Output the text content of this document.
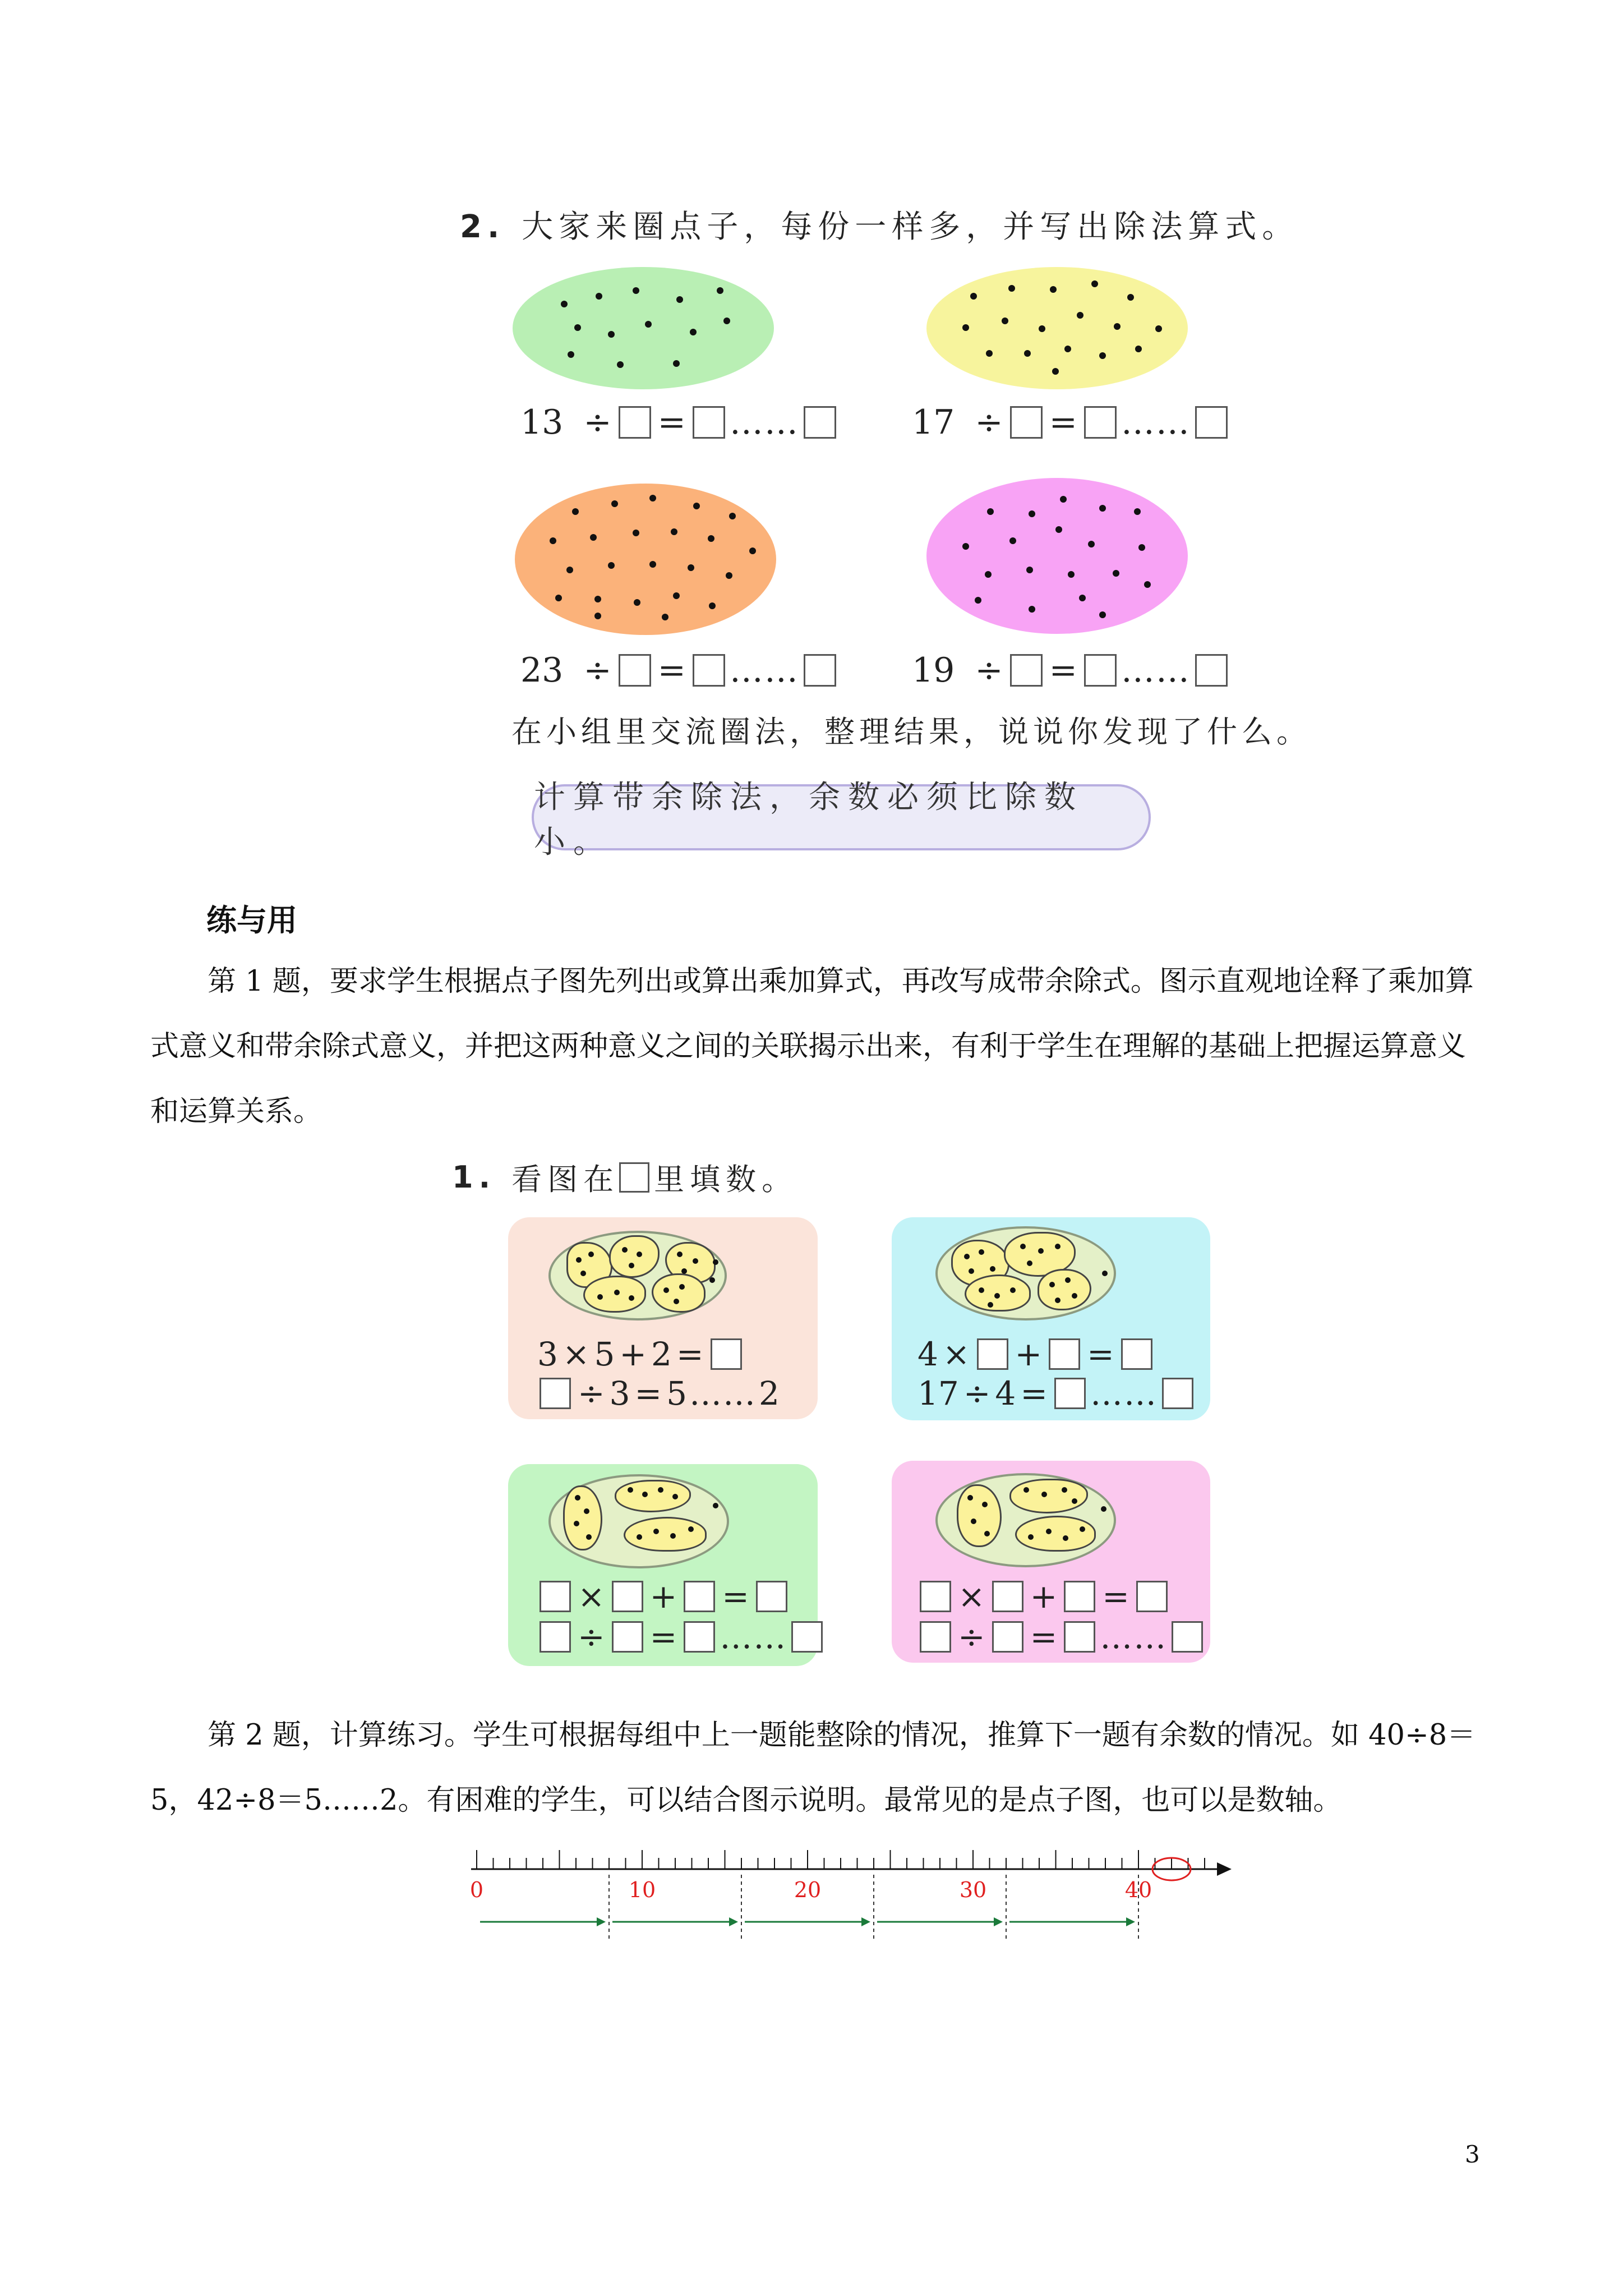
2. 大家来圈点子，每份一样多，并写出除法算式。
13 ÷ = ……	17 ÷ = ……
23 ÷ = ……	19 ÷ = ……
在小组里交流圈法，整理结果，说说你发现了什么。
计算带余除法，余数必须比除数小。
练与用
第 1 题，要求学生根据点子图先列出或算出乘加算式，再改写成带余除式。图示直观地诠释了乘加算式意义和带余除式意义，并把这两种意义之间的关联揭示出来，有利于学生在理解的基础上把握运算意义和运算关系。
1. 看图在 里填数。
3 × 5 + 2 =
÷ 3 = 5 …… 2
4 × + =
17 ÷ 4 = ……
× + =
÷ = ……
× + =
÷ = ……
第 2 题，计算练习。学生可根据每组中上一题能整除的情况，推算下一题有余数的情况。如 40÷8＝5，42÷8＝5……2。有困难的学生，可以结合图示说明。最常见的是点子图，也可以是数轴。
0	10	20	30	40
3
